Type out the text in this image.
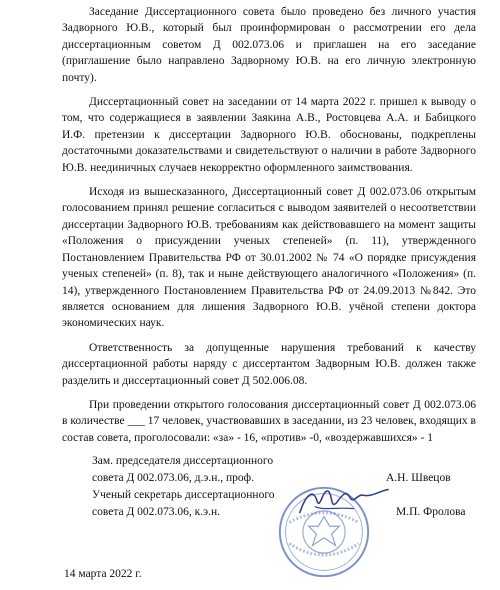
Заседание Диссертационного совета было проведено без личного участия Задворного Ю.В., который был проинформирован о рассмотрении его дела диссертационным советом Д 002.073.06 и приглашен на его заседание (приглашение было направлено Задворному Ю.В. на его личную электронную почту).

Диссертационный совет на заседании от 14 марта 2022 г. пришел к выводу о том, что содержащиеся в заявлении Заякина А.В., Ростовцева А.А. и Бабицкого И.Ф. претензии к диссертации Задворного Ю.В. обоснованы, подкреплены достаточными доказательствами и свидетельствуют о наличии в работе Задворного Ю.В. неединичных случаев некорректно оформленного заимствования.

Исходя из вышесказанного, Диссертационный совет Д 002.073.06 открытым голосованием принял решение согласиться с выводом заявителей о несоответствии диссертации Задворного Ю.В. требованиям как действовавшего на момент защиты «Положения о присуждении ученых степеней» (п. 11), утвержденного Постановлением Правительства РФ от 30.01.2002 № 74 «О порядке присуждения ученых степеней» (п. 8), так и ныне действующего аналогичного «Положения» (п. 14), утвержденного Постановлением Правительства РФ от 24.09.2013 №842. Это является основанием для лишения Задворного Ю.В. учёной степени доктора экономических наук.

Ответственность за допущенные нарушения требований к качеству диссертационной работы наряду с диссертантом Задворным Ю.В. должен также разделить и диссертационный совет Д 502.006.08.

При проведении открытого голосования диссертационный совет Д 002.073.06 в количестве ___ 17 человек, участвовавших в заседании, из 23 человек, входящих в состав совета, проголосовали: «за» - 16, «против» -0, «воздержавшихся» - 1

Зам. председателя диссертационного
совета Д 002.073.06, д.э.н., проф.	А.Н. Швецов
Ученый секретарь диссертационного
совета Д 002.073.06, к.э.н.	М.П. Фролова
14 марта 2022 г.
